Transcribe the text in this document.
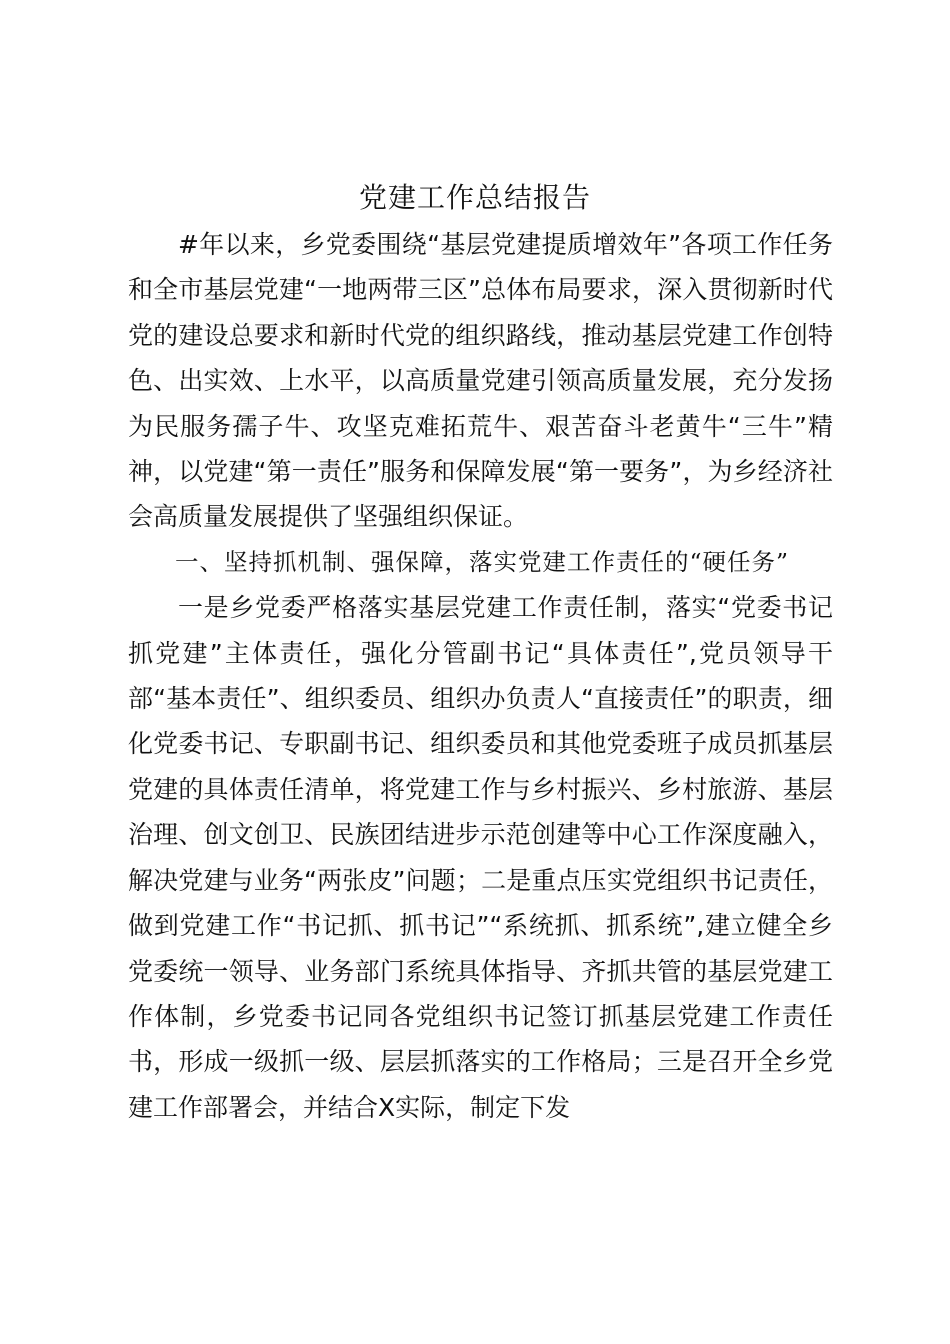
党建工作总结报告

#年以来，乡党委围绕“基层党建提质增效年”各项工作任务和全市基层党建“一地两带三区”总体布局要求，深入贯彻新时代党的建设总要求和新时代党的组织路线，推动基层党建工作创特色、出实效、上水平，以高质量党建引领高质量发展，充分发扬为民服务孺子牛、攻坚克难拓荒牛、艰苦奋斗老黄牛“三牛”精神，以党建“第一责任”服务和保障发展“第一要务”，为乡经济社会高质量发展提供了坚强组织保证。

一、坚持抓机制、强保障，落实党建工作责任的“硬任务”

一是乡党委严格落实基层党建工作责任制，落实“党委书记抓党建”主体责任，强化分管副书记“具体责任”,党员领导干部“基本责任”、组织委员、组织办负责人“直接责任”的职责，细化党委书记、专职副书记、组织委员和其他党委班子成员抓基层党建的具体责任清单，将党建工作与乡村振兴、乡村旅游、基层治理、创文创卫、民族团结进步示范创建等中心工作深度融入，解决党建与业务“两张皮”问题；二是重点压实党组织书记责任，做到党建工作“书记抓、抓书记”“系统抓、抓系统”,建立健全乡党委统一领导、业务部门系统具体指导、齐抓共管的基层党建工作体制，乡党委书记同各党组织书记签订抓基层党建工作责任书，形成一级抓一级、层层抓落实的工作格局；三是召开全乡党建工作部署会，并结合X实际，制定下发
